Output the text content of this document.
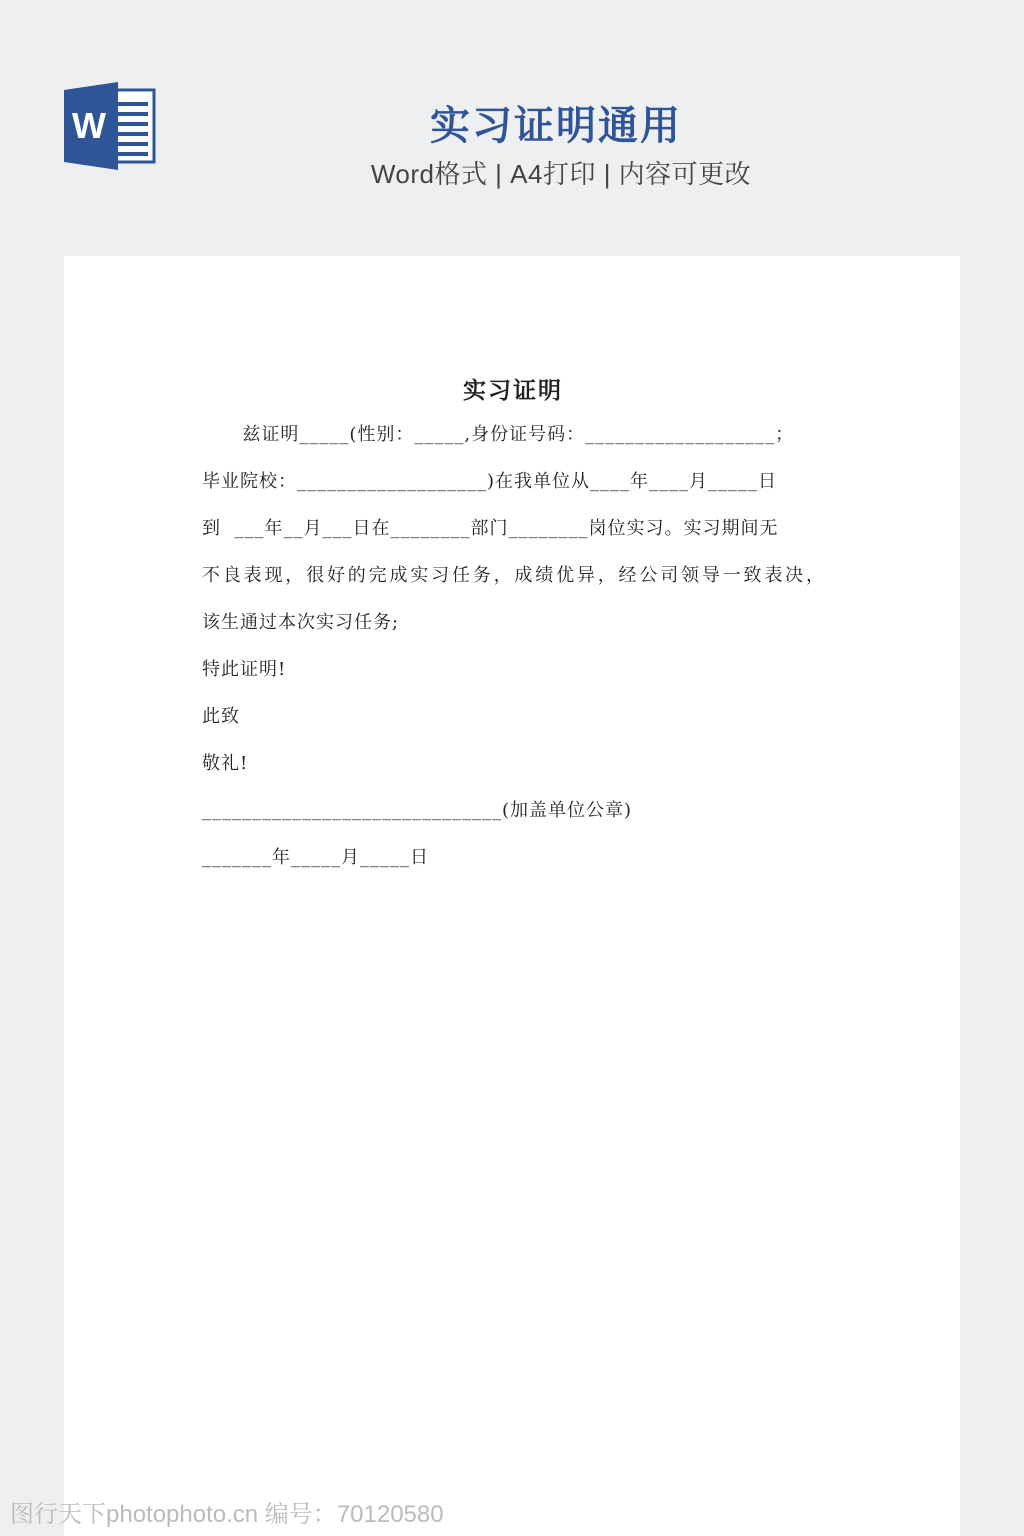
W	实习证明通用
Word格式 | A4打印 | 内容可更改
实习证明
兹证明_____(性别：_____,身份证号码：___________________；
毕业院校：___________________)在我单位从____年____月_____日
到  ___年__月___日在________部门________岗位实习。实习期间无
不良表现，很好的完成实习任务，成绩优异，经公司领导一致表决，
该生通过本次实习任务;
特此证明!
此致
敬礼!
______________________________(加盖单位公章)
_______年_____月_____日
图行天下photophoto.cn 编号：70120580
